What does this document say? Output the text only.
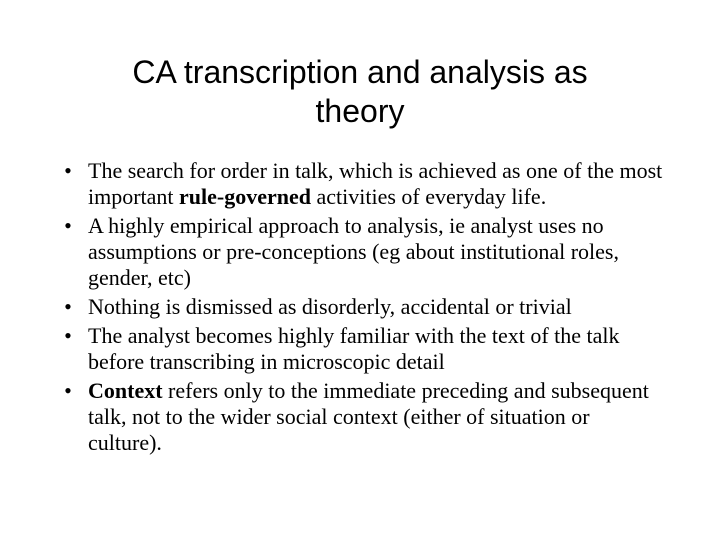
CA transcription and analysis as
theory
• The search for order in talk, which is achieved as one of the most important rule-governed activities of everyday life.
• A highly empirical approach to analysis, ie analyst uses no assumptions or pre-conceptions (eg about institutional roles, gender, etc)
• Nothing is dismissed as disorderly, accidental or trivial
• The analyst becomes highly familiar with the text of the talk before transcribing in microscopic detail
• Context refers only to the immediate preceding and subsequent talk, not to the wider social context (either of situation or culture).
